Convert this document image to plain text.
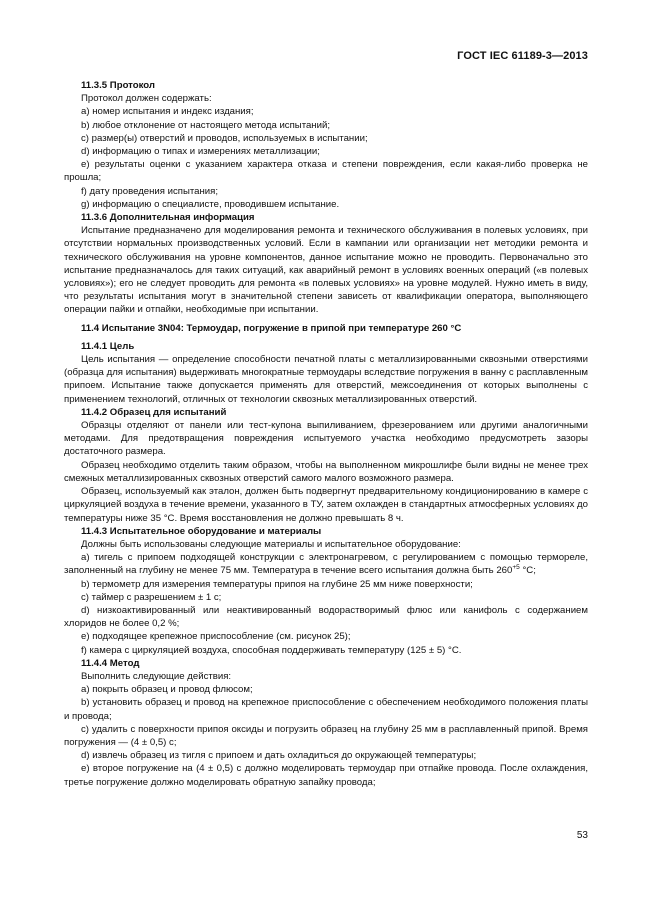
ГОСТ IEC 61189-3—2013

11.3.5 Протокол

Протокол должен содержать:

a) номер испытания и индекс издания;

b) любое отклонение от настоящего метода испытаний;

c) размер(ы) отверстий и проводов, используемых в испытании;

d) информацию о типах и измерениях металлизации;

e) результаты оценки с указанием характера отказа и степени повреждения, если какая-либо проверка не прошла;

f) дату проведения испытания;

g) информацию о специалисте, проводившем испытание.

11.3.6 Дополнительная информация

Испытание предназначено для моделирования ремонта и технического обслуживания в полевых условиях, при отсутствии нормальных производственных условий. Если в кампании или организации нет методики ремонта и технического обслуживания на уровне компонентов, данное испытание можно не проводить. Первоначально это испытание предназначалось для таких ситуаций, как аварийный ремонт в условиях военных операций («в полевых условиях»); его не следует проводить для ремонта «в полевых условиях» на уровне модулей. Нужно иметь в виду, что результаты испытания могут в значительной степени зависеть от квалификации оператора, выполняющего операции пайки и отпайки, необходимые при испытании.

11.4 Испытание 3N04: Термоудар, погружение в припой при температуре 260 °С

11.4.1 Цель

Цель испытания — определение способности печатной платы с металлизированными сквозными отверстиями (образца для испытания) выдерживать многократные термоудары вследствие погружения в ванну с расплавленным припоем. Испытание также допускается применять для отверстий, межсоединения от которых выполнены с применением технологий, отличных от технологии сквозных металлизированных отверстий.

11.4.2 Образец для испытаний

Образцы отделяют от панели или тест-купона выпиливанием, фрезерованием или другими аналогичными методами. Для предотвращения повреждения испытуемого участка необходимо предусмотреть зазоры достаточного размера.

Образец необходимо отделить таким образом, чтобы на выполненном микрошлифе были видны не менее трех смежных металлизированных сквозных отверстий самого малого возможного размера.

Образец, используемый как эталон, должен быть подвергнут предварительному кондиционированию в камере с циркуляцией воздуха в течение времени, указанного в ТУ, затем охлажден в стандартных атмосферных условиях до температуры ниже 35 °С. Время восстановления не должно превышать 8 ч.

11.4.3 Испытательное оборудование и материалы

Должны быть использованы следующие материалы и испытательное оборудование:

a) тигель с припоем подходящей конструкции с электронагревом, с регулированием с помощью термореле, заполненный на глубину не менее 75 мм. Температура в течение всего испытания должна быть $260^{+5}$ °С;

b) термометр для измерения температуры припоя на глубине 25 мм ниже поверхности;

c) таймер с разрешением ± 1 с;

d) низкоактивированный или неактивированный водорастворимый флюс или канифоль с содержанием хлоридов не более 0,2 %;

e) подходящее крепежное приспособление (см. рисунок 25);

f) камера с циркуляцией воздуха, способная поддерживать температуру (125 ± 5) °С.

11.4.4 Метод

Выполнить следующие действия:

a) покрыть образец и провод флюсом;

b) установить образец и провод на крепежное приспособление с обеспечением необходимого положения платы и провода;

c) удалить с поверхности припоя оксиды и погрузить образец на глубину 25 мм в расплавленный припой. Время погружения — (4 ± 0,5) с;

d) извлечь образец из тигля с припоем и дать охладиться до окружающей температуры;

e) второе погружение на (4 ± 0,5) с должно моделировать термоудар при отпайке провода. После охлаждения, третье погружение должно моделировать обратную запайку провода;

53
